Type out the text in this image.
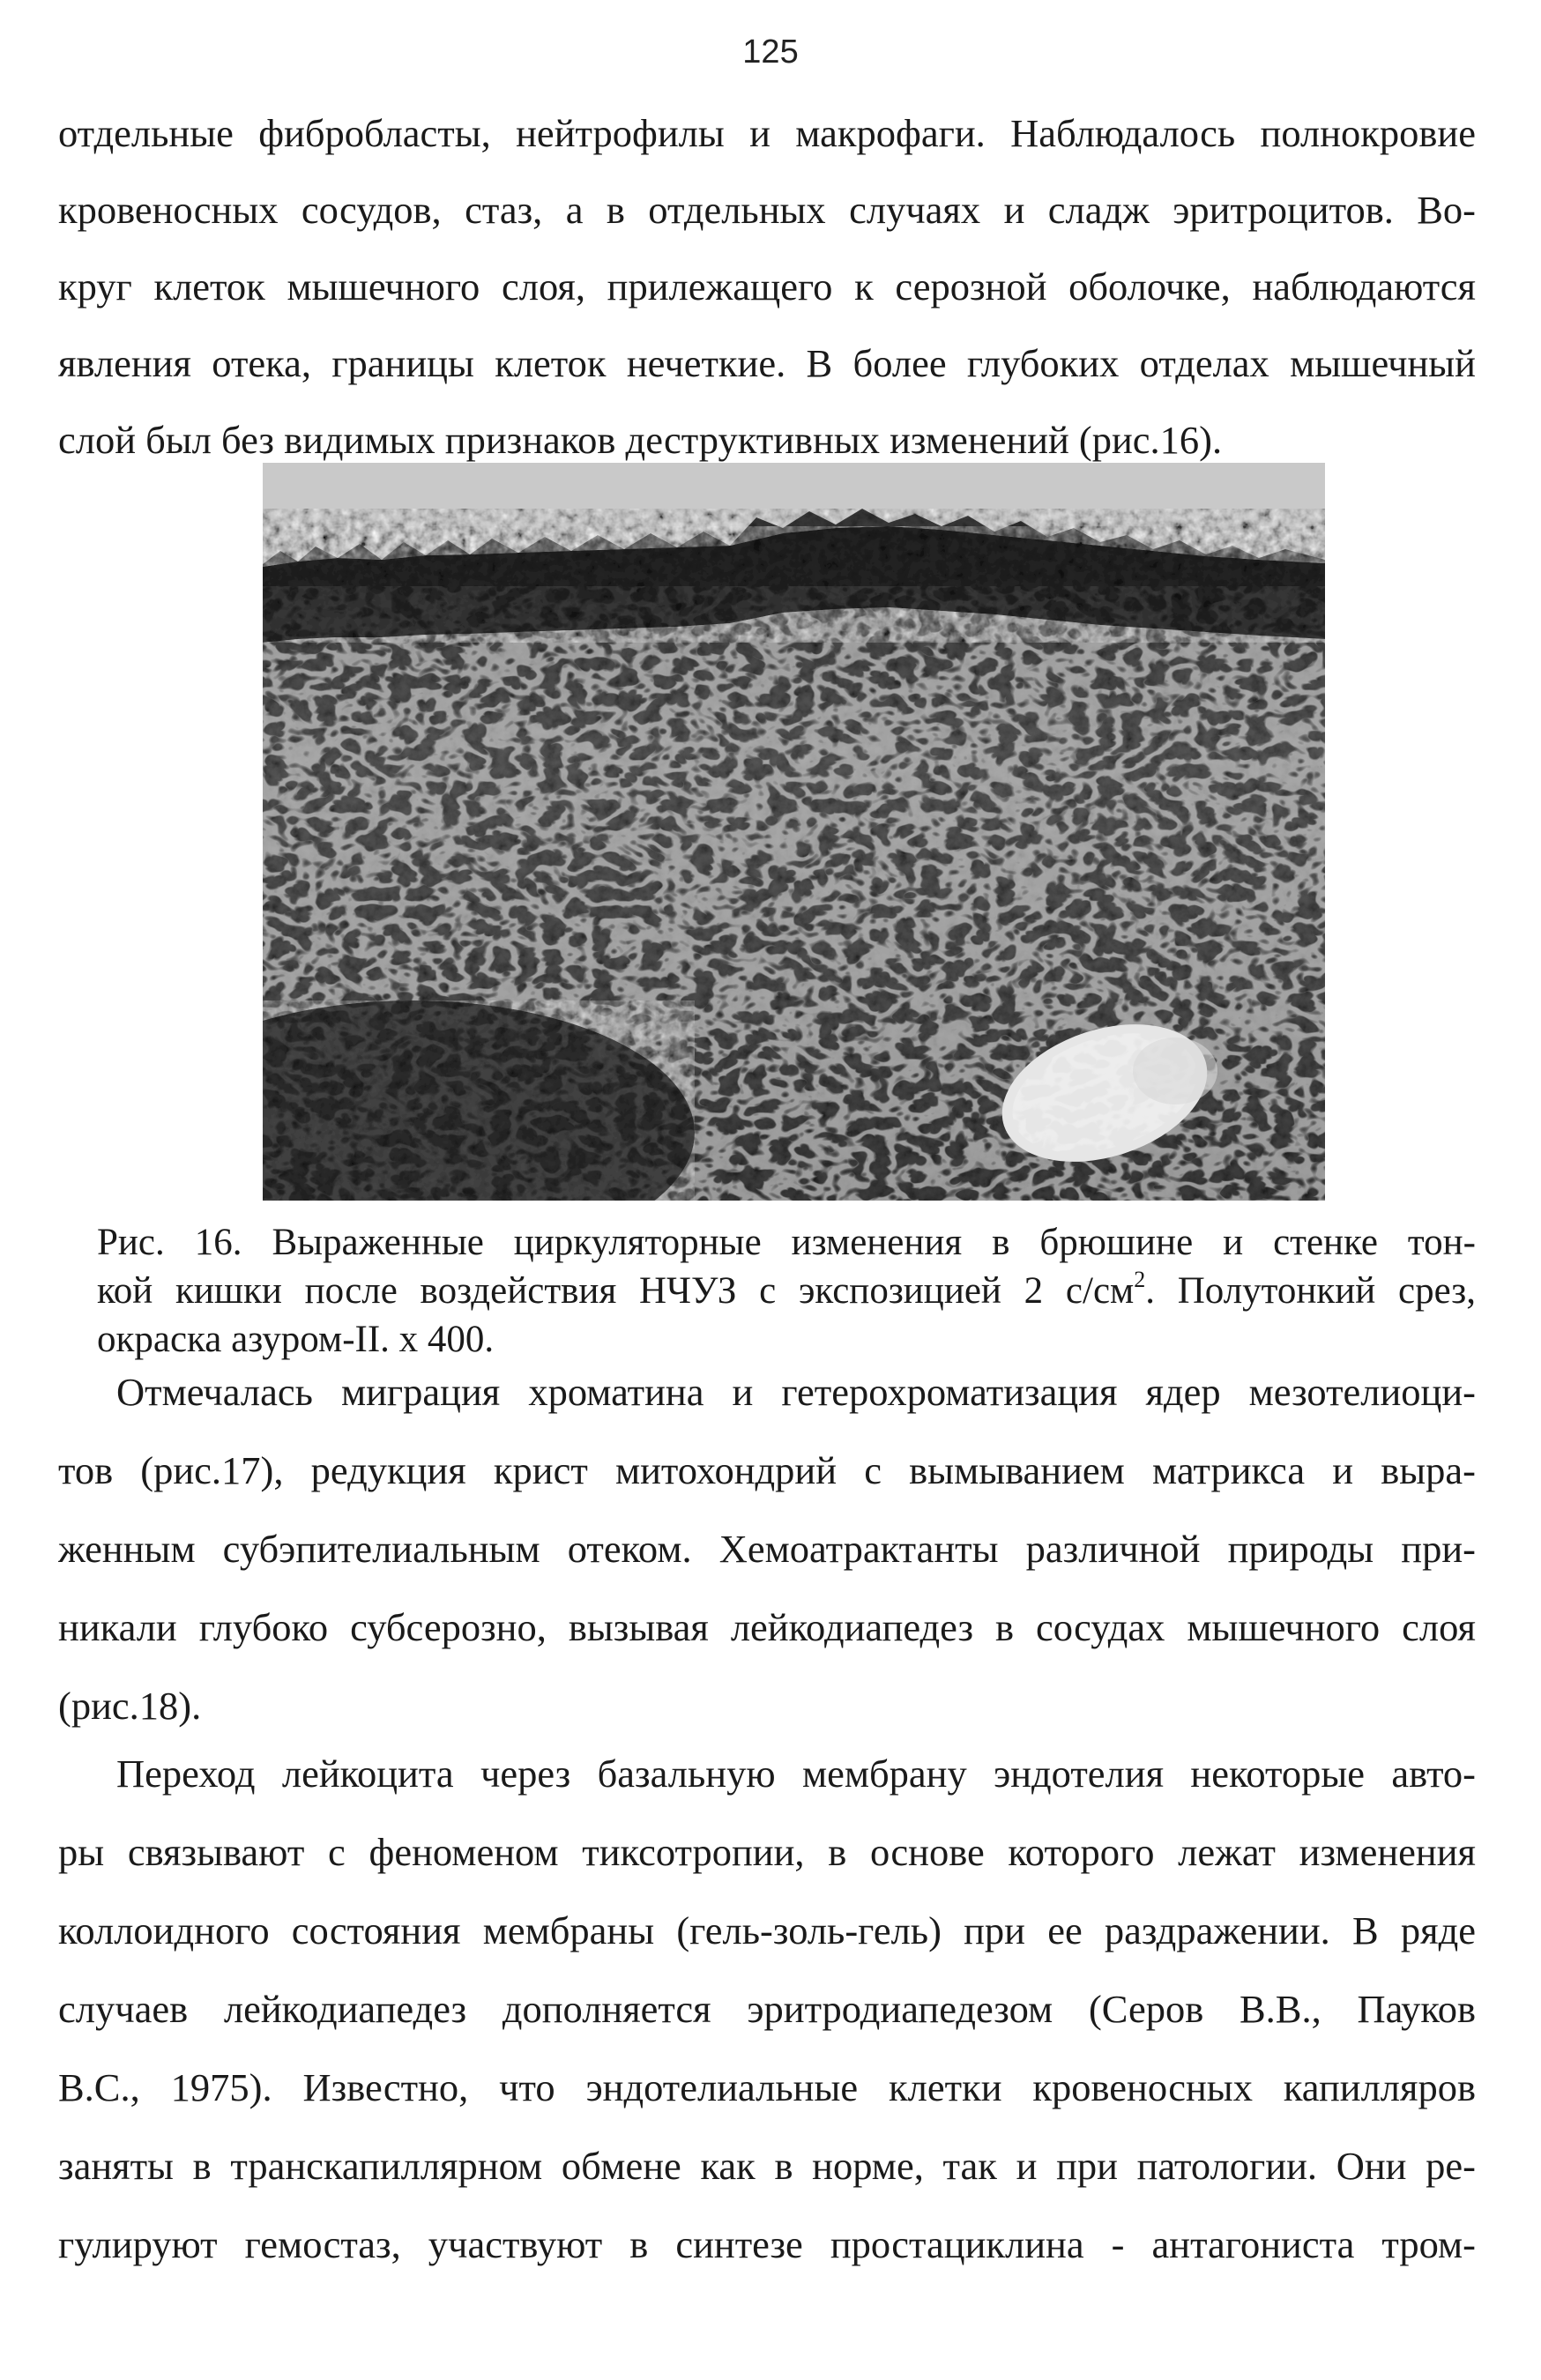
125
отдельные фибробласты, нейтрофилы и макрофаги. Наблюдалось полнокровие
кровеносных сосудов, стаз, а в отдельных случаях и сладж эритроцитов. Во-
круг клеток мышечного слоя, прилежащего к серозной оболочке, наблюдаются
явления отека, границы клеток нечеткие. В более глубоких отделах мышечный
слой был без видимых признаков деструктивных изменений (рис.16).
Рис. 16. Выраженные циркуляторные изменения в брюшине и стенке тон-
кой кишки после воздействия НЧУЗ с экспозицией 2 $с/см^2$. Полутонкий срез,
окраска азуром-II. х 400.
Отмечалась миграция хроматина и гетерохроматизация ядер мезотелиоци-
тов (рис.17), редукция крист митохондрий с вымыванием матрикса и выра-
женным субэпителиальным отеком. Хемоатрактанты различной природы при-
никали глубоко субсерозно, вызывая лейкодиапедез в сосудах мышечного слоя
(рис.18).
Переход лейкоцита через базальную мембрану эндотелия некоторые авто-
ры связывают с феноменом тиксотропии, в основе которого лежат изменения
коллоидного состояния мембраны (гель-золь-гель) при ее раздражении. В ряде
случаев лейкодиапедез дополняется эритродиапедезом (Серов В.В., Пауков
В.С., 1975). Известно, что эндотелиальные клетки кровеносных капилляров
заняты в транскапиллярном обмене как в норме, так и при патологии. Они ре-
гулируют гемостаз, участвуют в синтезе простациклина - антагониста тром-
